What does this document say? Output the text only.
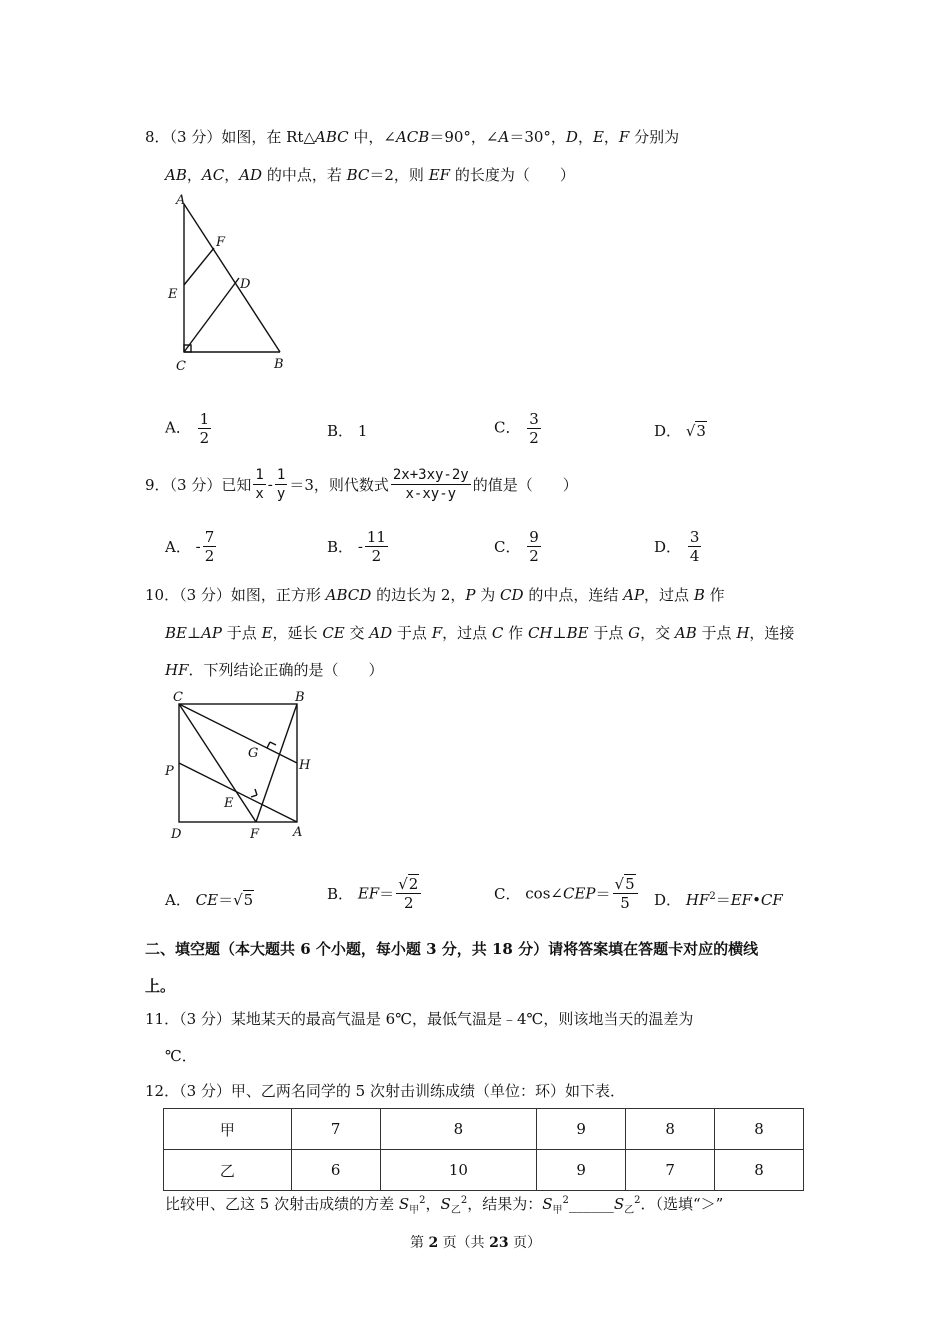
8．（3 分）如图，在 Rt△ABC 中，∠ACB＝90°，∠A＝30°，D，E，F 分别为
AB，AC，AD 的中点，若 BC＝2，则 EF 的长度为（　　）
A
F
E
D
C	B
A． $\frac{1}{2}$	B． 1	C． $\frac{3}{2}$	D． √3
9．（3 分）已知 $\frac{1}{x} - \frac{1}{y} =3$，则代数式 $\frac{2x+3xy-2y}{x-xy-y}$ 的值是（　　）
A． - $\frac{7}{2}$	B． - $\frac{11}{2}$	C． $\frac{9}{2}$	D． $\frac{3}{4}$
10．（3 分）如图，正方形 ABCD 的边长为 2，P 为 CD 的中点，连结 AP，过点 B 作
BE⊥AP 于点 E，延长 CE 交 AD 于点 F，过点 C 作 CH⊥BE 于点 G，交 AB 于点 H，连接
HF．下列结论正确的是（　　）
C	B
G
H
P
E
D	F	A
A． CE＝√5	B． $EF= \frac{√2}{2}$	C． cos∠CEP＝ $\frac{√5}{5}$ D． $HF^2=EF•CF$
二、填空题（本大题共 6 个小题，每小题 3 分，共 18 分）请将答案填在答题卡对应的横线
上。
11．（3 分）某地某天的最高气温是 6℃，最低气温是﹣4℃，则该地当天的温差为
℃．
12．（3 分）甲、乙两名同学的 5 次射击训练成绩（单位：环）如下表．
甲	7	8	9	8	8
乙	6	10	9	7	8
比较甲、乙这 5 次射击成绩的方差 $S_甲^2$，$S_乙^2$，结果为：$S_甲^2\_\_\_\_\_\_S_乙^2$．（选填“＞”
第 2 页（共 23 页）
